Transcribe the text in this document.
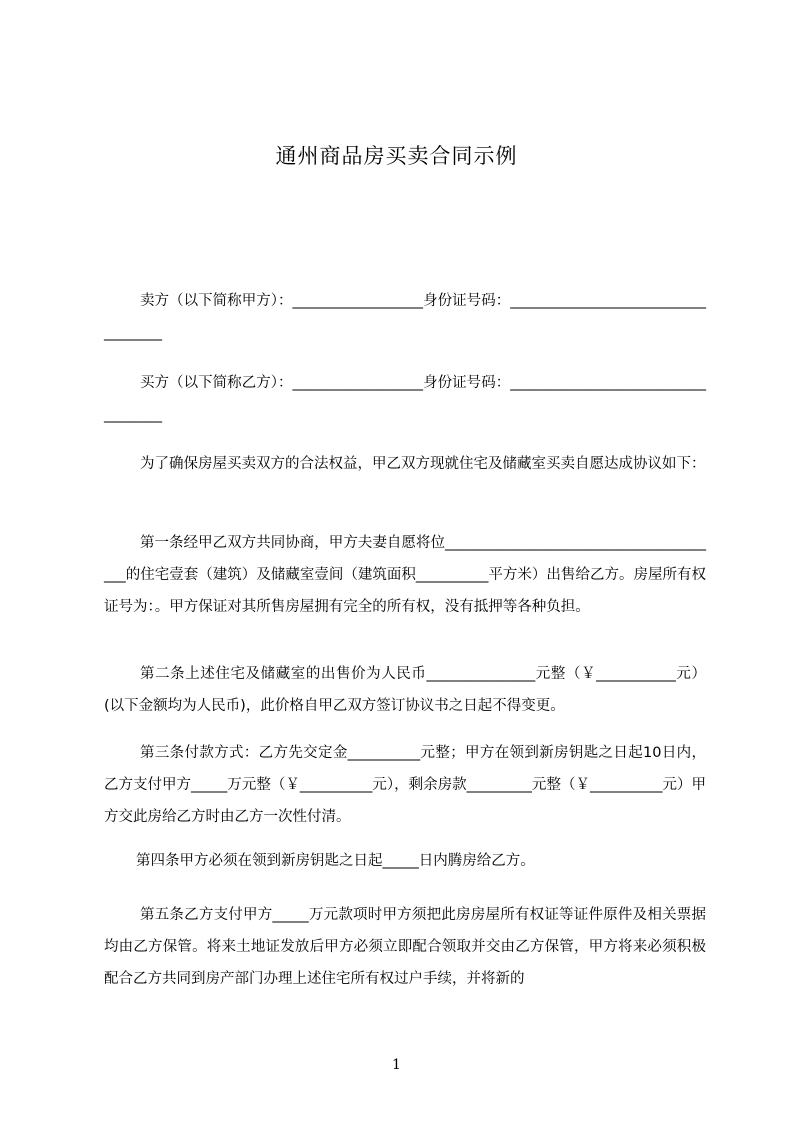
通州商品房买卖合同示例

卖方（以下简称甲方）：__________________身份证号码：___________________________________

买方（以下简称乙方）：__________________身份证号码：___________________________________

为了确保房屋买卖双方的合法权益，甲乙双方现就住宅及储藏室买卖自愿达成协议如下：

第一条经甲乙双方共同协商，甲方夫妻自愿将位_______________________________________的住宅壹套（建筑）及储藏室壹间（建筑面积__________平方米）出售给乙方。房屋所有权证号为：。甲方保证对其所售房屋拥有完全的所有权，没有抵押等各种负担。

第二条上述住宅及储藏室的出售价为人民币_______________元整（￥___________元）(以下金额均为人民币)，此价格自甲乙双方签订协议书之日起不得变更。

第三条付款方式：乙方先交定金__________元整；甲方在领到新房钥匙之日起10日内，乙方支付甲方_____万元整（￥__________元），剩余房款_________元整（￥__________元）甲方交此房给乙方时由乙方一次性付清。

第四条甲方必须在领到新房钥匙之日起_____日内腾房给乙方。

第五条乙方支付甲方_____万元款项时甲方须把此房房屋所有权证等证件原件及相关票据均由乙方保管。将来土地证发放后甲方必须立即配合领取并交由乙方保管，甲方将来必须积极配合乙方共同到房产部门办理上述住宅所有权过户手续，并将新的

1
